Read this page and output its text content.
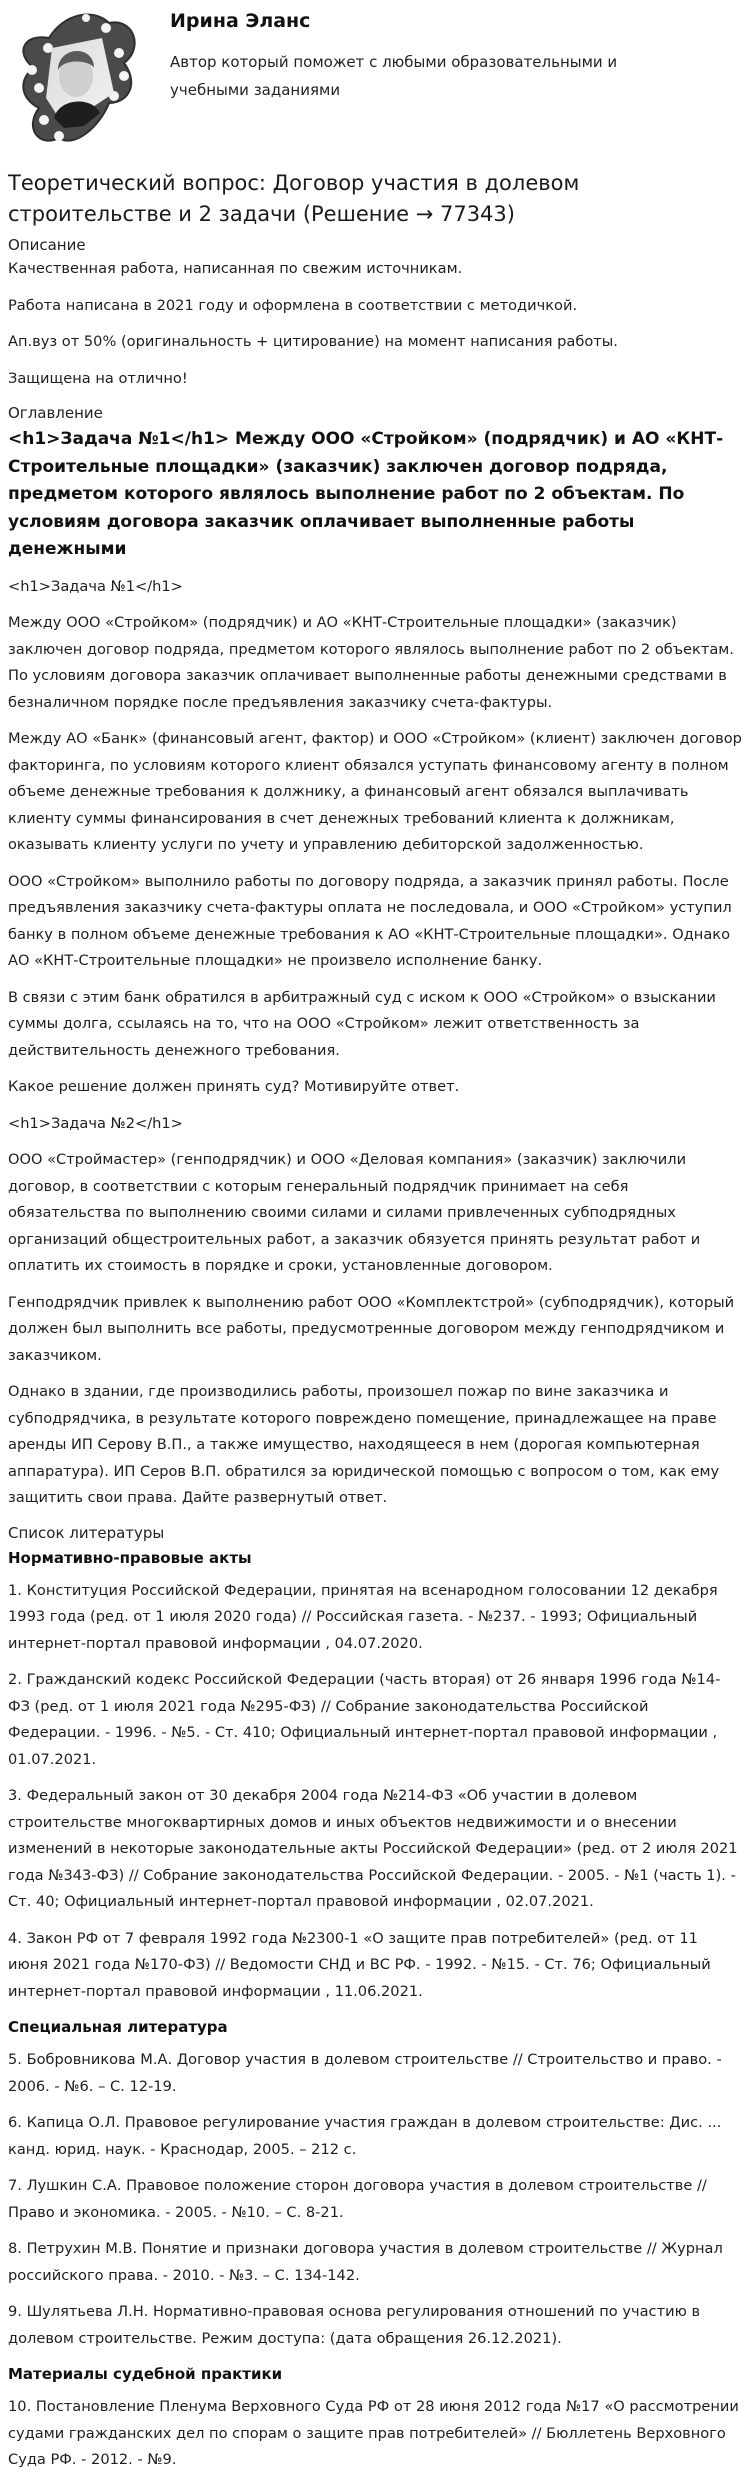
Ирина Эланс
Автор который поможет с любыми образовательными и учебными заданиями
Теоретический вопрос: Договор участия в долевом строительстве и 2 задачи (Решение → 77343)
Описание

Качественная работа, написанная по свежим источникам.

Работа написана в 2021 году и оформлена в соответствии с методичкой.

Ап.вуз от 50% (оригинальность + цитирование) на момент написания работы.

Защищена на отлично!

Оглавление
<h1>Задача №1</h1> Между ООО «Стройком» (подрядчик) и АО «КНТ-Строительные площадки» (заказчик) заключен договор подряда, предметом которого являлось выполнение работ по 2 объектам. По условиям договора заказчик оплачивает выполненные работы денежными

<h1>Задача №1</h1>

Между ООО «Стройком» (подрядчик) и АО «КНТ-Строительные площадки» (заказчик) заключен договор подряда, предметом которого являлось выполнение работ по 2 объектам. По условиям договора заказчик оплачивает выполненные работы денежными средствами в безналичном порядке после предъявления заказчику счета-фактуры.

Между АО «Банк» (финансовый агент, фактор) и ООО «Стройком» (клиент) заключен договор факторинга, по условиям которого клиент обязался уступать финансовому агенту в полном объеме денежные требования к должнику, а финансовый агент обязался выплачивать клиенту суммы финансирования в счет денежных требований клиента к должникам, оказывать клиенту услуги по учету и управлению дебиторской задолженностью.

ООО «Стройком» выполнило работы по договору подряда, а заказчик принял работы. После предъявления заказчику счета-фактуры оплата не последовала, и ООО «Стройком» уступил банку в полном объеме денежные требования к АО «КНТ-Строительные площадки». Однако АО «КНТ-Строительные площадки» не произвело исполнение банку.

В связи с этим банк обратился в арбитражный суд с иском к ООО «Стройком» о взыскании суммы долга, ссылаясь на то, что на ООО «Стройком» лежит ответственность за действительность денежного требования.

Какое решение должен принять суд? Мотивируйте ответ.

<h1>Задача №2</h1>

ООО «Строймастер» (генподрядчик) и ООО «Деловая компания» (заказчик) заключили договор, в соответствии с которым генеральный подрядчик принимает на себя обязательства по выполнению своими силами и силами привлеченных субподрядных организаций общестроительных работ, а заказчик обязуется принять результат работ и оплатить их стоимость в порядке и сроки, установленные договором.

Генподрядчик привлек к выполнению работ ООО «Комплектстрой» (субподрядчик), который должен был выполнить все работы, предусмотренные договором между генподрядчиком и заказчиком.

Однако в здании, где производились работы, произошел пожар по вине заказчика и субподрядчика, в результате которого повреждено помещение, принадлежащее на праве аренды ИП Серову В.П., а также имущество, находящееся в нем (дорогая компьютерная аппаратура). ИП Серов В.П. обратился за юридической помощью с вопросом о том, как ему защитить свои права. Дайте развернутый ответ.

Список литературы
Нормативно-правовые акты

1. Конституция Российской Федерации, принятая на всенародном голосовании 12 декабря 1993 года (ред. от 1 июля 2020 года) // Российская газета. - №237. - 1993; Официальный интернет-портал правовой информации , 04.07.2020.

2. Гражданский кодекс Российской Федерации (часть вторая) от 26 января 1996 года №14-ФЗ (ред. от 1 июля 2021 года №295-ФЗ) // Собрание законодательства Российской Федерации. - 1996. - №5. - Ст. 410; Официальный интернет-портал правовой информации , 01.07.2021.

3. Федеральный закон от 30 декабря 2004 года №214-ФЗ «Об участии в долевом строительстве многоквартирных домов и иных объектов недвижимости и о внесении изменений в некоторые законодательные акты Российской Федерации» (ред. от 2 июля 2021 года №343-ФЗ) // Собрание законодательства Российской Федерации. - 2005. - №1 (часть 1). - Ст. 40; Официальный интернет-портал правовой информации , 02.07.2021.

4. Закон РФ от 7 февраля 1992 года №2300-1 «О защите прав потребителей» (ред. от 11 июня 2021 года №170-ФЗ) // Ведомости СНД и ВС РФ. - 1992. - №15. - Ст. 76; Официальный интернет-портал правовой информации , 11.06.2021.

Специальная литература

5. Бобровникова М.А. Договор участия в долевом строительстве // Строительство и право. - 2006. - №6. – С. 12-19.

6. Капица О.Л. Правовое регулирование участия граждан в долевом строительстве: Дис. ... канд. юрид. наук. - Краснодар, 2005. – 212 с.

7. Лушкин С.А. Правовое положение сторон договора участия в долевом строительстве // Право и экономика. - 2005. - №10. – С. 8-21.

8. Петрухин М.В. Понятие и признаки договора участия в долевом строительстве // Журнал российского права. - 2010. - №3. – С. 134-142.

9. Шулятьева Л.Н. Нормативно-правовая основа регулирования отношений по участию в долевом строительстве. Режим доступа: (дата обращения 26.12.2021).

Материалы судебной практики

10. Постановление Пленума Верховного Суда РФ от 28 июня 2012 года №17 «О рассмотрении судами гражданских дел по спорам о защите прав потребителей» // Бюллетень Верховного Суда РФ. - 2012. - №9.
